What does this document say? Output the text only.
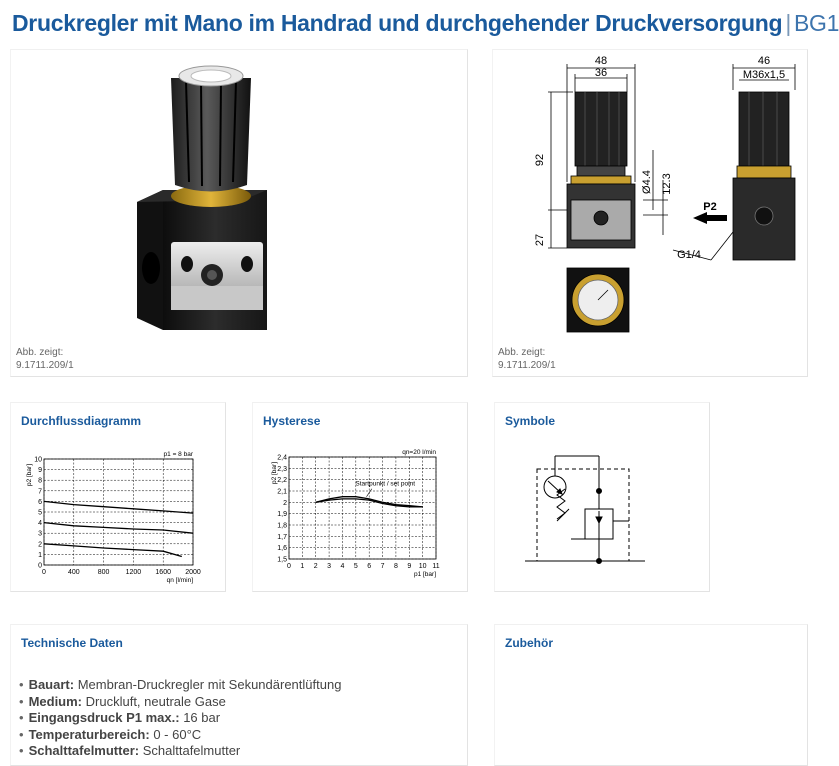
Druckregler mit Mano im Handrad und durchgehender Druckversorgung | BG1
Abb. zeigt:
9.1711.209/1
48
36
92
27
Ø4.4 12.3
46
M36x1,5
P2
G1/4
Abb. zeigt:
9.1711.209/1
Durchflussdiagramm
0	400	800 1200 1600 2000
0
1
2
3
4
5
6
7
8
9
10
qn [l/min]
p2 [bar]
p1 = 8 bar
Hysterese
0 1 2 3 4 5 6 7 8 9 10 11
1,5
1,6
1,7
1,8
1,9
2
2,1
2,2
2,3
2,4
p1 [bar]
p2 [bar]
qn=20 l/min
Startpunkt / set point
Symbole
Technische Daten
• Bauart: Membran-Druckregler mit Sekundärentlüftung
• Medium: Druckluft, neutrale Gase
• Eingangsdruck P1 max.: 16 bar
• Temperaturbereich: 0 - 60°C
• Schalttafelmutter: Schalttafelmutter
Zubehör
